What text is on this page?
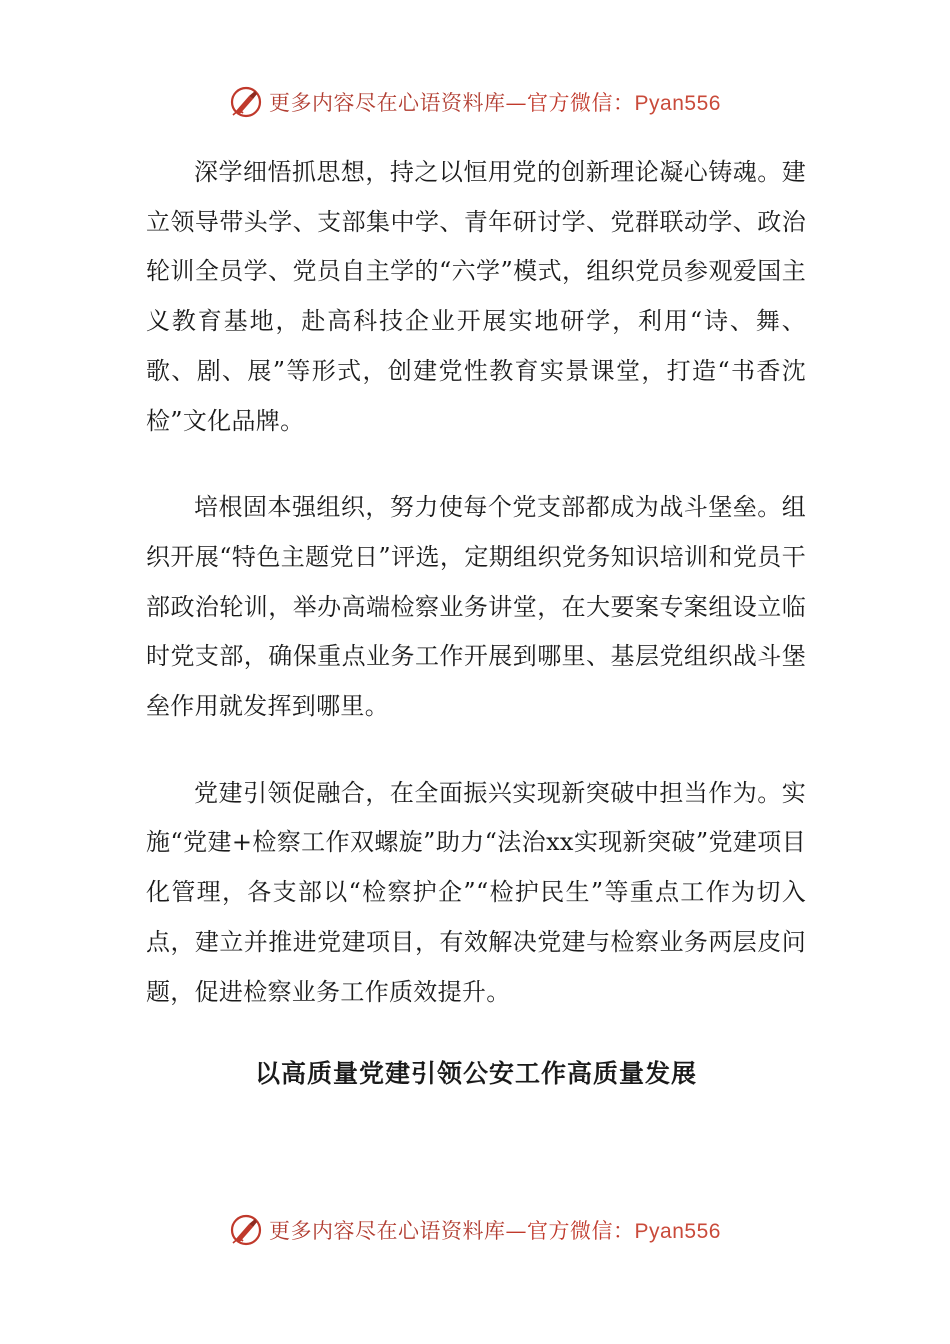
更多内容尽在心语资料库—官方微信：Pyan556

深学细悟抓思想，持之以恒用党的创新理论凝心铸魂。建立领导带头学、支部集中学、青年研讨学、党群联动学、政治轮训全员学、党员自主学的“六学”模式，组织党员参观爱国主义教育基地，赴高科技企业开展实地研学，利用“诗、舞、歌、剧、展”等形式，创建党性教育实景课堂，打造“书香沈检”文化品牌。

培根固本强组织，努力使每个党支部都成为战斗堡垒。组织开展“特色主题党日”评选，定期组织党务知识培训和党员干部政治轮训，举办高端检察业务讲堂，在大要案专案组设立临时党支部，确保重点业务工作开展到哪里、基层党组织战斗堡垒作用就发挥到哪里。

党建引领促融合，在全面振兴实现新突破中担当作为。实施“党建+检察工作双螺旋”助力“法治xx实现新突破”党建项目化管理，各支部以“检察护企”“检护民生”等重点工作为切入点，建立并推进党建项目，有效解决党建与检察业务两层皮问题，促进检察业务工作质效提升。

以高质量党建引领公安工作高质量发展
更多内容尽在心语资料库—官方微信：Pyan556
